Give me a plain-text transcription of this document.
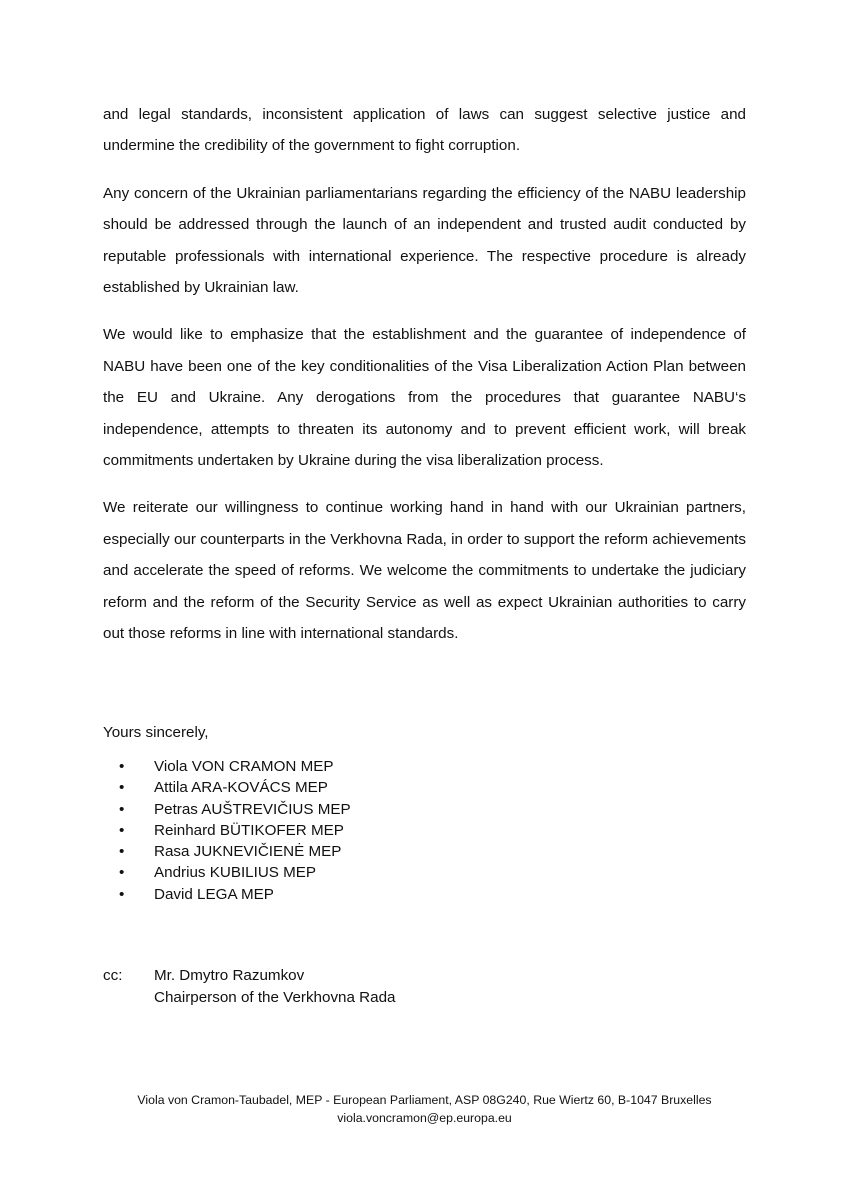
and legal standards, inconsistent application of laws can suggest selective justice and undermine the credibility of the government to fight corruption.

Any concern of the Ukrainian parliamentarians regarding the efficiency of the NABU leadership should be addressed through the launch of an independent and trusted audit conducted by reputable professionals with international experience. The respective procedure is already established by Ukrainian law.

We would like to emphasize that the establishment and the guarantee of independence of NABU have been one of the key conditionalities of the Visa Liberalization Action Plan between the EU and Ukraine. Any derogations from the procedures that guarantee NABU‘s independence, attempts to threaten its autonomy and to prevent efficient work, will break commitments undertaken by Ukraine during the visa liberalization process.

We reiterate our willingness to continue working hand in hand with our Ukrainian partners, especially our counterparts in the Verkhovna Rada, in order to support the reform achievements and accelerate the speed of reforms. We welcome the commitments to undertake the judiciary reform and the reform of the Security Service as well as expect Ukrainian authorities to carry out those reforms in line with international standards.

Yours sincerely,
• Viola VON CRAMON MEP
• Attila ARA-KOVÁCS MEP
• Petras AUŠTREVIČIUS MEP
• Reinhard BÜTIKOFER MEP
• Rasa JUKNEVIČIENĖ MEP
• Andrius KUBILIUS MEP
• David LEGA MEP
cc: Mr. Dmytro Razumkov
Chairperson of the Verkhovna Rada
Viola von Cramon-Taubadel, MEP - European Parliament, ASP 08G240, Rue Wiertz 60, B-1047 Bruxelles
viola.voncramon@ep.europa.eu
